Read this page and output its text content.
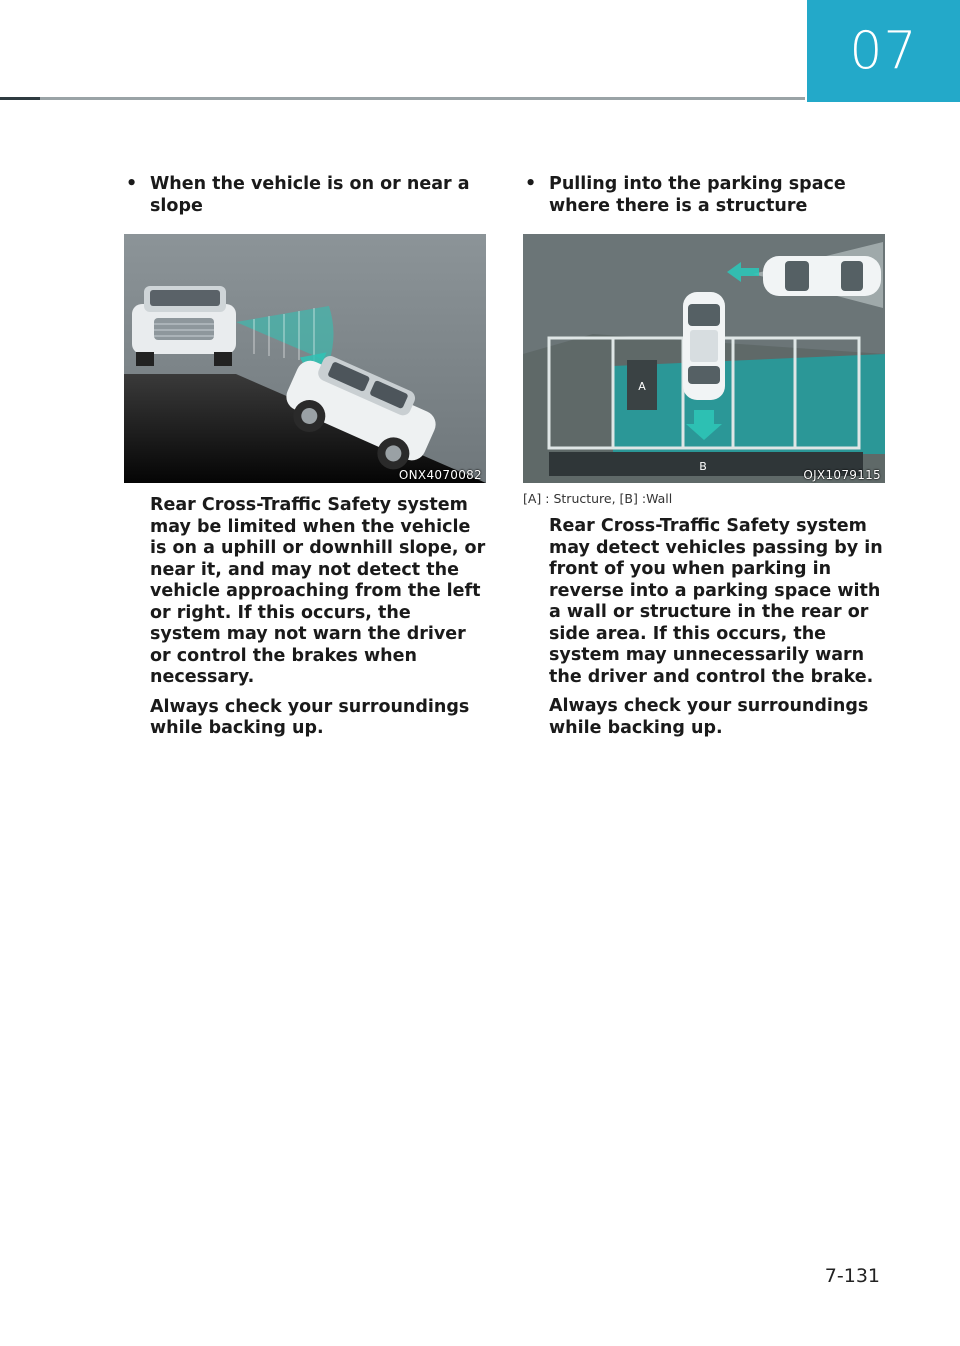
07
• When the vehicle is on or near a slope
ONX4070082

Rear Cross-Traffic Safety system may be limited when the vehicle is on a uphill or downhill slope, or near it, and may not detect the vehicle approaching from the left or right. If this occurs, the system may not warn the driver or control the brakes when necessary.

Always check your surroundings while backing up.

• Pulling into the parking space where there is a structure
A
B
OJX1079115
[A] : Structure, [B] :Wall

Rear Cross-Traffic Safety system may detect vehicles passing by in front of you when parking in reverse into a parking space with a wall or structure in the rear or side area. If this occurs, the system may unnecessarily warn the driver and control the brake.

Always check your surroundings while backing up.

7-131
